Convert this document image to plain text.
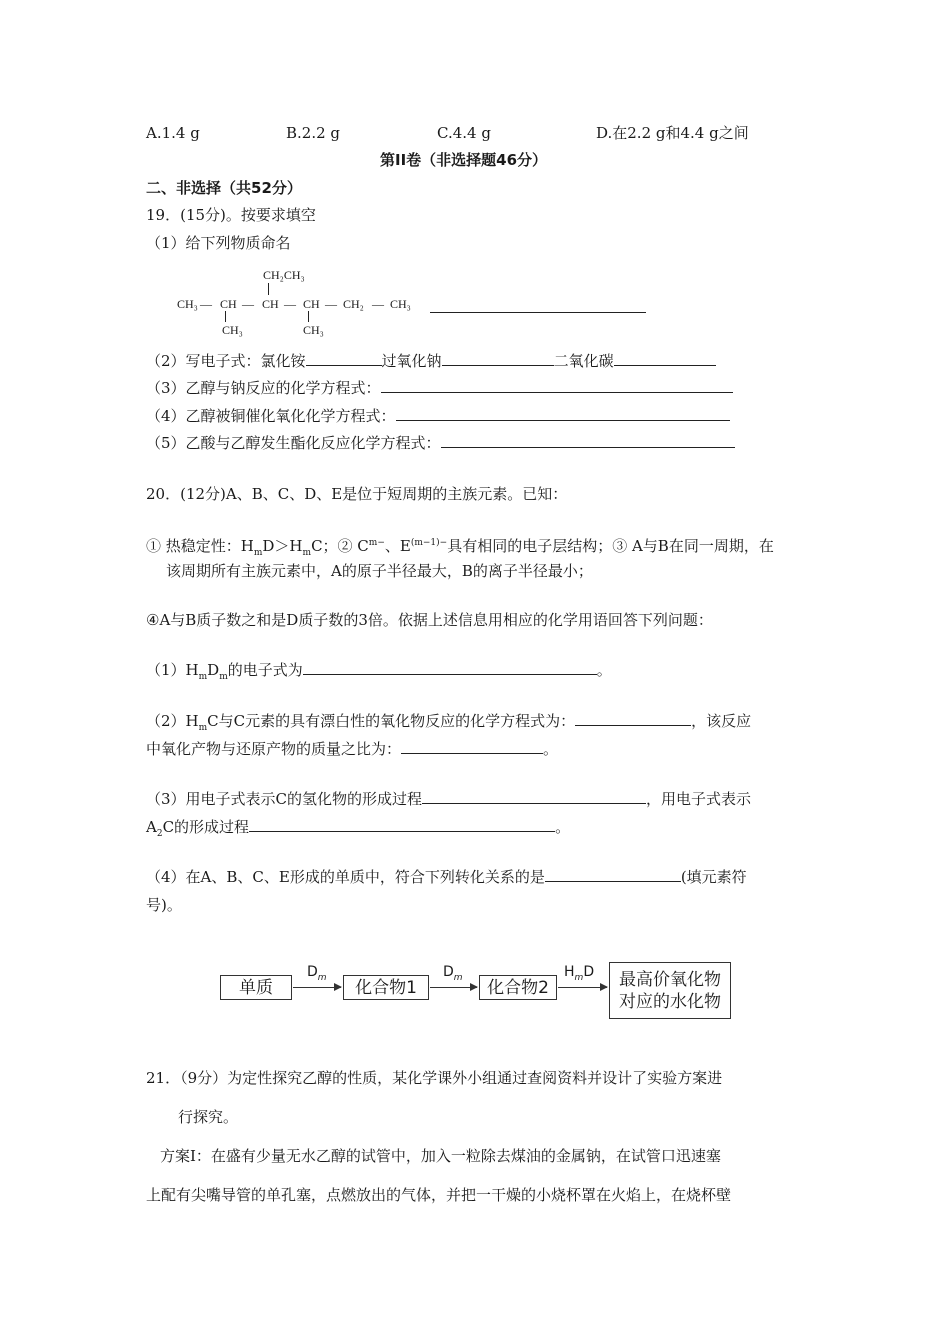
A.1.4 g	B.2.2 g	C.4.4 g	D.在2.2 g和4.4 g之间
第II卷（非选择题46分）
二、非选择（共52分）
19．(15分)。按要求填空
（1）给下列物质命名
CH₂CH₃
CH₃ — CH — CH — CH — CH₂ — CH₃
CH₃	CH₃
（2）写电子式：氯化铵	过氧化钠	二氧化碳
（3）乙醇与钠反应的化学方程式：
（4）乙醇被铜催化氧化化学方程式：
（5）乙酸与乙醇发生酯化反应化学方程式：
20．(12分)A、B、C、D、E是位于短周期的主族元素。已知：
① 热稳定性：$H_mD>H_mC$；② $C^{m-}$、$E^{(m-1)-}$具有相同的电子层结构；③ A与B在同一周期，在
该周期所有主族元素中，A的原子半径最大，B的离子半径最小；
④A与B质子数之和是D质子数的3倍。依据上述信息用相应的化学用语回答下列问题：
$(1)H_mD_m$的电子式为	。
$(2)H_mC$与C元素的具有漂白性的氧化物反应的化学方程式为：	，该反应
中氧化产物与还原产物的质量之比为：	。
（3）用电子式表示C的氢化物的形成过程	，用电子式表示
$A_2C$的形成过程	。
（4）在A、B、C、E形成的单质中，符合下列转化关系的是	(填元素符
号)。
单质
$D_m$	化合物1
$D_m$	化合物2
$H_mD$ 最高价氧化物
对应的水化物
21．（9分）为定性探究乙醇的性质，某化学课外小组通过查阅资料并设计了实验方案进
行探究。
方案Ⅰ：在盛有少量无水乙醇的试管中，加入一粒除去煤油的金属钠，在试管口迅速塞
上配有尖嘴导管的单孔塞，点燃放出的气体，并把一干燥的小烧杯罩在火焰上，在烧杯壁
